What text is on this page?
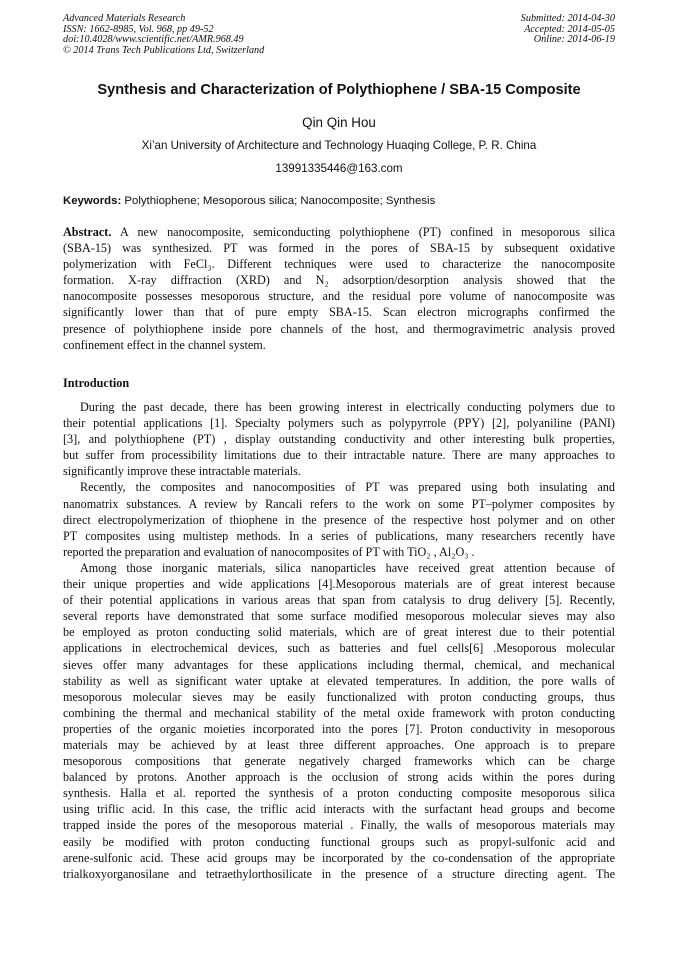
Advanced Materials Research
ISSN: 1662-8985, Vol. 968, pp 49-52
doi:10.4028/www.scientific.net/AMR.968.49
© 2014 Trans Tech Publications Ltd, Switzerland
Submitted: 2014-04-30
Accepted: 2014-05-05
Online: 2014-06-19
Synthesis and Characterization of Polythiophene / SBA-15 Composite
Qin Qin Hou
Xi’an University of Architecture and Technology Huaqing College, P. R. China
13991335446@163.com
Keywords: Polythiophene; Mesoporous silica; Nanocomposite; Synthesis
Abstract. A new nanocomposite, semiconducting polythiophene (PT) confined in mesoporous silica
(SBA-15) was synthesized. PT was formed in the pores of SBA-15 by subsequent oxidative
polymerization with FeCl₃. Different techniques were used to characterize the nanocomposite
formation. X-ray diffraction (XRD) and N₂ adsorption/desorption analysis showed that the
nanocomposite possesses mesoporous structure, and the residual pore volume of nanocomposite was
significantly lower than that of pure empty SBA-15. Scan electron micrographs confirmed the
presence of polythiophene inside pore channels of the host, and thermogravimetric analysis proved
confinement effect in the channel system.
Introduction
During the past decade, there has been growing interest in electrically conducting polymers due to
their potential applications [1]. Specialty polymers such as polypyrrole (PPY) [2], polyaniline (PANI)
[3], and polythiophene (PT) , display outstanding conductivity and other interesting bulk properties,
but suffer from processibility limitations due to their intractable nature. There are many approaches to
significantly improve these intractable materials.
Recently, the composites and nanocomposities of PT was prepared using both insulating and
nanomatrix substances. A review by Rancali refers to the work on some PT–polymer composites by
direct electropolymerization of thiophene in the presence of the respective host polymer and on other
PT composites using multistep methods. In a series of publications, many researchers recently have
reported the preparation and evaluation of nanocomposites of PT with TiO₂ , Al₂O₃ .
Among those inorganic materials, silica nanoparticles have received great attention because of
their unique properties and wide applications [4].Mesoporous materials are of great interest because
of their potential applications in various areas that span from catalysis to drug delivery [5]. Recently,
several reports have demonstrated that some surface modified mesoporous molecular sieves may also
be employed as proton conducting solid materials, which are of great interest due to their potential
applications in electrochemical devices, such as batteries and fuel cells[6] .Mesoporous molecular
sieves offer many advantages for these applications including thermal, chemical, and mechanical
stability as well as significant water uptake at elevated temperatures. In addition, the pore walls of
mesoporous molecular sieves may be easily functionalized with proton conducting groups, thus
combining the thermal and mechanical stability of the metal oxide framework with proton conducting
properties of the organic moieties incorporated into the pores [7]. Proton conductivity in mesoporous
materials may be achieved by at least three different approaches. One approach is to prepare
mesoporous compositions that generate negatively charged frameworks which can be charge
balanced by protons. Another approach is the occlusion of strong acids within the pores during
synthesis. Halla et al. reported the synthesis of a proton conducting composite mesoporous silica
using triflic acid. In this case, the triflic acid interacts with the surfactant head groups and become
trapped inside the pores of the mesoporous material . Finally, the walls of mesoporous materials may
easily be modified with proton conducting functional groups such as propyl-sulfonic acid and
arene-sulfonic acid. These acid groups may be incorporated by the co-condensation of the appropriate
trialkoxyorganosilane and tetraethylorthosilicate in the presence of a structure directing agent. The
